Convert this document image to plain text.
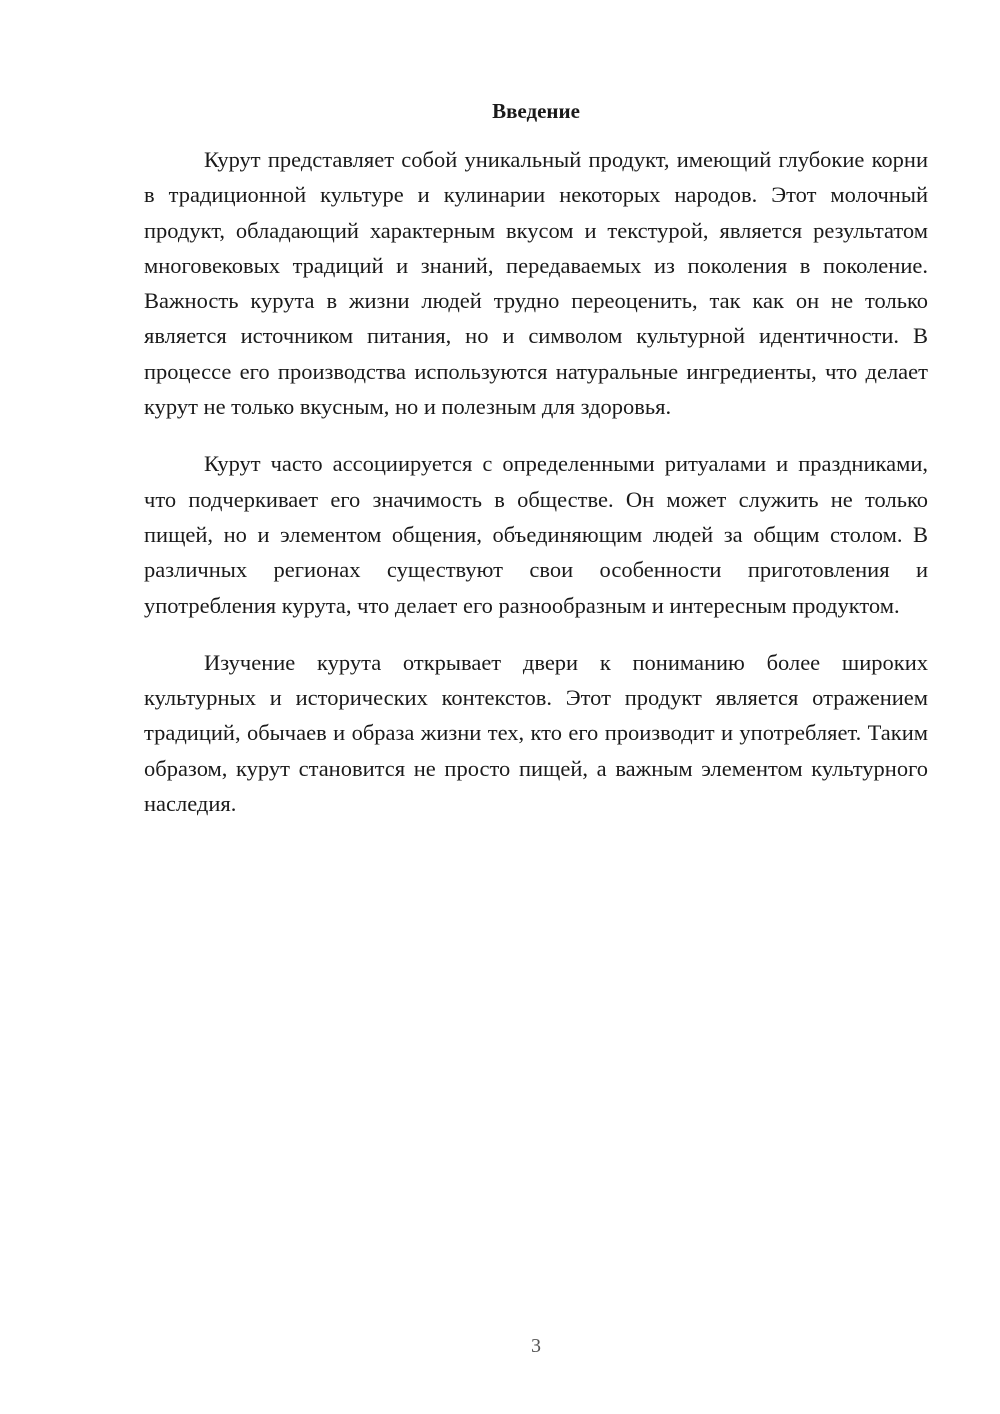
Введение

Курут представляет собой уникальный продукт, имеющий глубокие корни в традиционной культуре и кулинарии некоторых народов. Этот молочный продукт, обладающий характерным вкусом и текстурой, является результатом многовековых традиций и знаний, передаваемых из поколения в поколение. Важность курута в жизни людей трудно переоценить, так как он не только является источником питания, но и символом культурной идентичности. В процессе его производства используются натуральные ингредиенты, что делает курут не только вкусным, но и полезным для здоровья.

Курут часто ассоциируется с определенными ритуалами и праздниками, что подчеркивает его значимость в обществе. Он может служить не только пищей, но и элементом общения, объединяющим людей за общим столом. В различных регионах существуют свои особенности приготовления и употребления курута, что делает его разнообразным и интересным продуктом.

Изучение курута открывает двери к пониманию более широких культурных и исторических контекстов. Этот продукт является отражением традиций, обычаев и образа жизни тех, кто его производит и употребляет. Таким образом, курут становится не просто пищей, а важным элементом культурного наследия.

3
